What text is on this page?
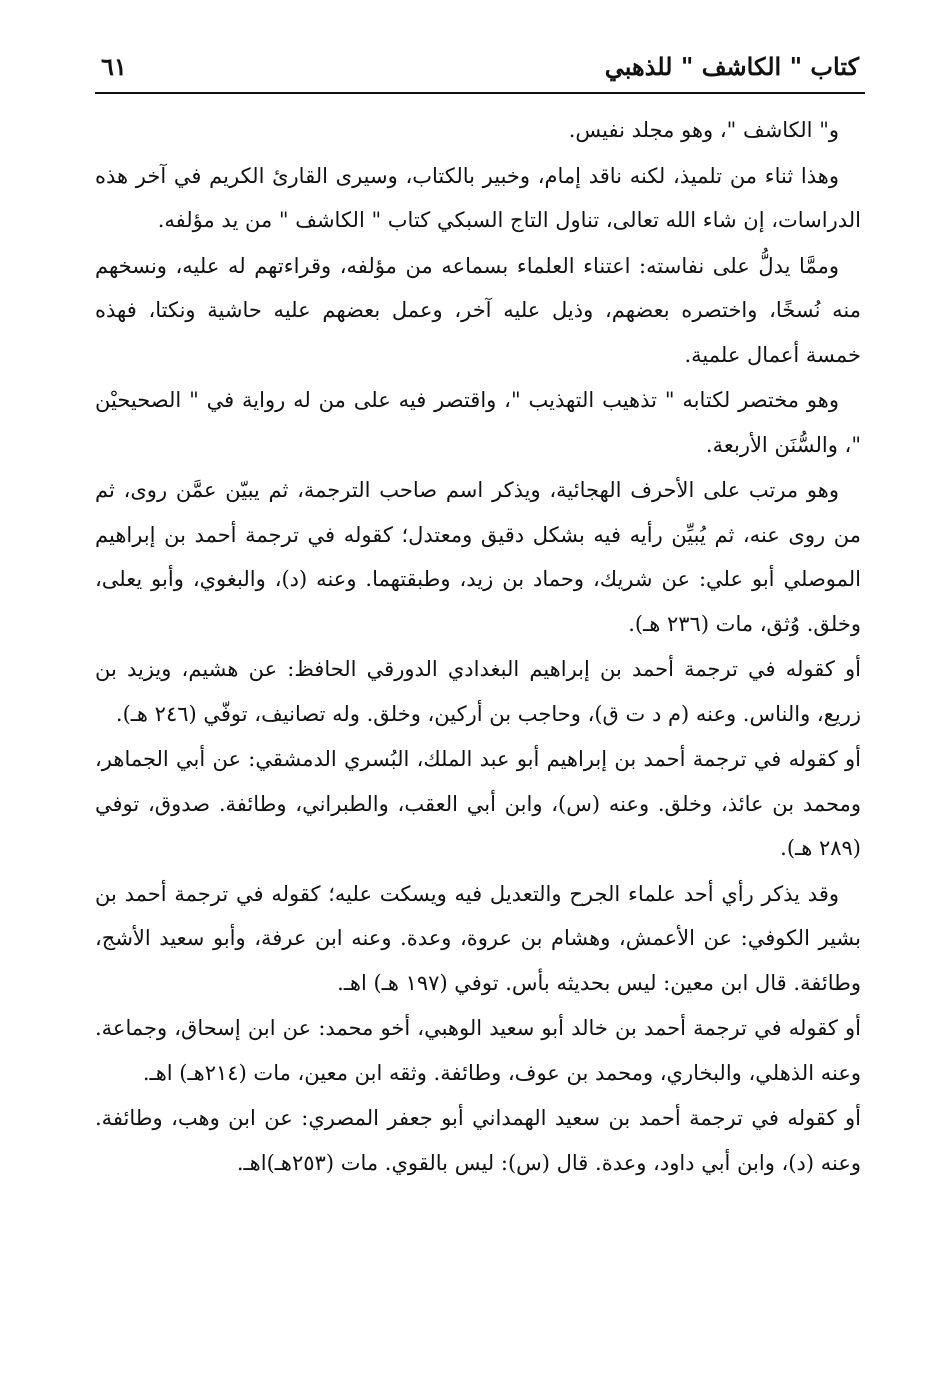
كتاب " الكاشف " للذهبي
٦١

و" الكاشف "، وهو مجلد نفيس.

وهذا ثناء من تلميذ، لكنه ناقد إمام، وخبير بالكتاب، وسيرى القارئ الكريم في آخر هذه الدراسات، إن شاء الله تعالى، تناول التاج السبكي كتاب " الكاشف " من يد مؤلفه.

وممَّا يدلُّ على نفاسته: اعتناء العلماء بسماعه من مؤلفه، وقراءتهم له عليه، ونسخهم منه نُسخًا، واختصره بعضهم، وذيل عليه آخر، وعمل بعضهم عليه حاشية ونكتا، فهذه خمسة أعمال علمية.

وهو مختصر لكتابه " تذهيب التهذيب "، واقتصر فيه على من له رواية في " الصحيحيْن "، والسُّنَن الأربعة.

وهو مرتب على الأحرف الهجائية، ويذكر اسم صاحب الترجمة، ثم يبيّن عمَّن روى، ثم من روى عنه، ثم يُبيِّن رأيه فيه بشكل دقيق ومعتدل؛ كقوله في ترجمة أحمد بن إبراهيم الموصلي أبو علي: عن شريك، وحماد بن زيد، وطبقتهما. وعنه (د)، والبغوي، وأبو يعلى، وخلق. وُثق، مات (٢٣٦ هـ).

أو كقوله في ترجمة أحمد بن إبراهيم البغدادي الدورقي الحافظ: عن هشيم، ويزيد بن زريع، والناس. وعنه (م د ت ق)، وحاجب بن أركين، وخلق. وله تصانيف، توفّي (٢٤٦ هـ).

أو كقوله في ترجمة أحمد بن إبراهيم أبو عبد الملك، البُسري الدمشقي: عن أبي الجماهر، ومحمد بن عائذ، وخلق. وعنه (س)، وابن أبي العقب، والطبراني، وطائفة. صدوق، توفي (٢٨٩ هـ).

وقد يذكر رأي أحد علماء الجرح والتعديل فيه ويسكت عليه؛ كقوله في ترجمة أحمد بن بشير الكوفي: عن الأعمش، وهشام بن عروة، وعدة. وعنه ابن عرفة، وأبو سعيد الأشج، وطائفة. قال ابن معين: ليس بحديثه بأس. توفي (١٩٧ هـ) اهـ.

أو كقوله في ترجمة أحمد بن خالد أبو سعيد الوهبي، أخو محمد: عن ابن إسحاق، وجماعة. وعنه الذهلي، والبخاري، ومحمد بن عوف، وطائفة. وثقه ابن معين، مات (٢١٤هـ) اهـ.

أو كقوله في ترجمة أحمد بن سعيد الهمداني أبو جعفر المصري: عن ابن وهب، وطائفة. وعنه (د)، وابن أبي داود، وعدة. قال (س): ليس بالقوي. مات (٢٥٣هـ)اهـ.
